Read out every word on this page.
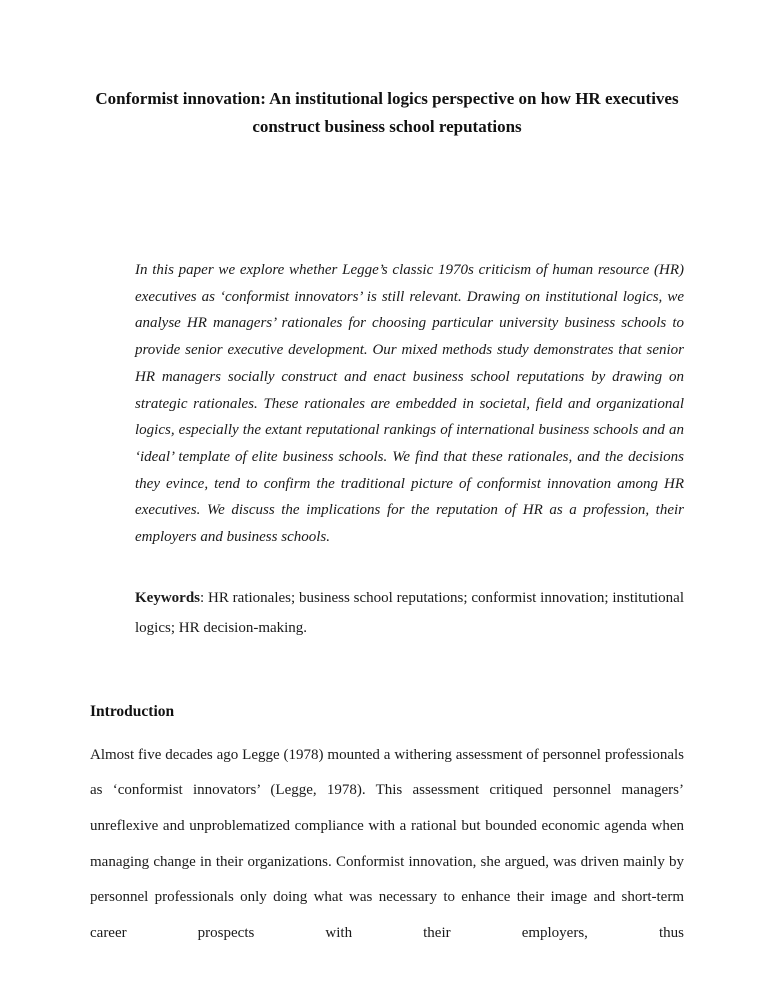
Conformist innovation: An institutional logics perspective on how HR executives construct business school reputations

In this paper we explore whether Legge’s classic 1970s criticism of human resource (HR) executives as ‘conformist innovators’ is still relevant. Drawing on institutional logics, we analyse HR managers’ rationales for choosing particular university business schools to provide senior executive development. Our mixed methods study demonstrates that senior HR managers socially construct and enact business school reputations by drawing on strategic rationales. These rationales are embedded in societal, field and organizational logics, especially the extant reputational rankings of international business schools and an ‘ideal’ template of elite business schools. We find that these rationales, and the decisions they evince, tend to confirm the traditional picture of conformist innovation among HR executives. We discuss the implications for the reputation of HR as a profession, their employers and business schools.

Keywords: HR rationales; business school reputations; conformist innovation; institutional logics; HR decision-making.

Introduction

Almost five decades ago Legge (1978) mounted a withering assessment of personnel professionals as ‘conformist innovators’ (Legge, 1978). This assessment critiqued personnel managers’ unreflexive and unproblematized compliance with a rational but bounded economic agenda when managing change in their organizations. Conformist innovation, she argued, was driven mainly by personnel professionals only doing what was necessary to enhance their image and short-term career prospects with their employers, thus
